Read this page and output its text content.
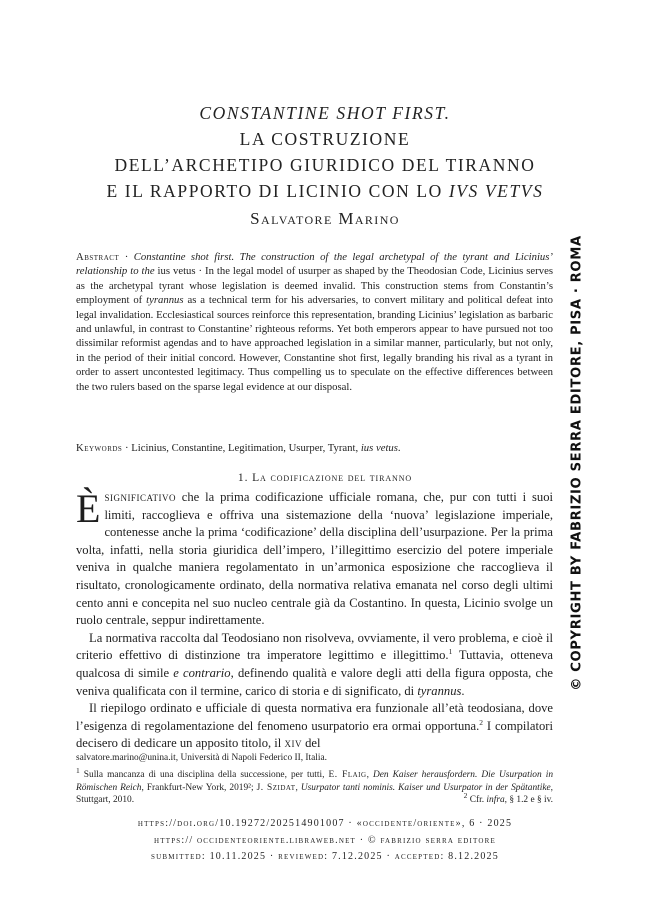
CONSTANTINE SHOT FIRST.
LA COSTRUZIONE
DELL’ARCHETIPO GIURIDICO DEL TIRANNO
E IL RAPPORTO DI LICINIO CON LO IVS VETVS
Salvatore Marino
Abstract · Constantine shot first. The construction of the legal archetypal of the tyrant and Licinius’ relationship to the ius vetus · In the legal model of usurper as shaped by the Theodosian Code, Licinius serves as the archetypal tyrant whose legislation is deemed invalid. This construction stems from Constantin’s employment of tyrannus as a technical term for his adversaries, to convert military and political defeat into legal invalidation. Ecclesiastical sources reinforce this representation, branding Licinius’ legislation as barbaric and unlawful, in contrast to Constantine’ righteous reforms. Yet both emperors appear to have pursued not too dissimilar reformist agendas and to have approached legislation in a similar manner, particularly, but not only, in the period of their initial concord. However, Constantine shot first, legally branding his rival as a tyrant in order to assert uncontested legitimacy. Thus compelling us to speculate on the effective differences between the two rulers based on the sparse legal evidence at our disposal.
Keywords · Licinius, Constantine, Legitimation, Usurper, Tyrant, ius vetus.
1. La codificazione del tiranno

Èsignificativo che la prima codificazione ufficiale romana, che, pur con tutti i suoi limiti, raccoglieva e offriva una sistemazione della ‘nuova’ legislazione imperiale, contenesse anche la prima ‘codificazione’ della disciplina dell’usurpazione. Per la prima volta, infatti, nella storia giuridica dell’impero, l’illegittimo esercizio del potere imperiale veniva in qualche maniera regolamentato in un’armonica esposizione che raccoglieva il risultato, cronologicamente ordinato, della normativa relativa emanata nel corso degli ultimi cento anni e concepita nel suo nucleo centrale già da Costantino. In questa, Licinio svolge un ruolo centrale, seppur indirettamente.

La normativa raccolta dal Teodosiano non risolveva, ovviamente, il vero problema, e cioè il criterio effettivo di distinzione tra imperatore legittimo e illegittimo.$^1$ Tuttavia, otteneva qualcosa di simile e contrario, definendo qualità e valore degli atti della figura opposta, che veniva qualificata con il termine, carico di storia e di significato, di tyrannus.

Il riepilogo ordinato e ufficiale di questa normativa era funzionale all’età teodosiana, dove l’esigenza di regolamentazione del fenomeno usurpatorio era ormai opportuna.$^2$ I compilatori decisero di dedicare un apposito titolo, il xiv del

salvatore.marino@unina.it, Università di Napoli Federico II, Italia.
$^1$ Sulla mancanza di una disciplina della successione, per tutti, E. Flaig, Den Kaiser herausfordern. Die Usurpation in Römischen Reich, Frankfurt-New York, 2019²; J. Szidat, Usurpator tanti nominis. Kaiser und Usurpator in der Spätantike, Stuttgart, 2010.	$^2$ Cfr. infra, § 1.2 e § iv.
https://doi.org/10.19272/202514901007 · «occidente/oriente», 6 · 2025
https:// occidenteoriente.libraweb.net · © fabrizio serra editore
submitted: 10.11.2025 · reviewed: 7.12.2025 · accepted: 8.12.2025
© COPYRIGHT BY FABRIZIO SERRA EDITORE, PISA · ROMA
